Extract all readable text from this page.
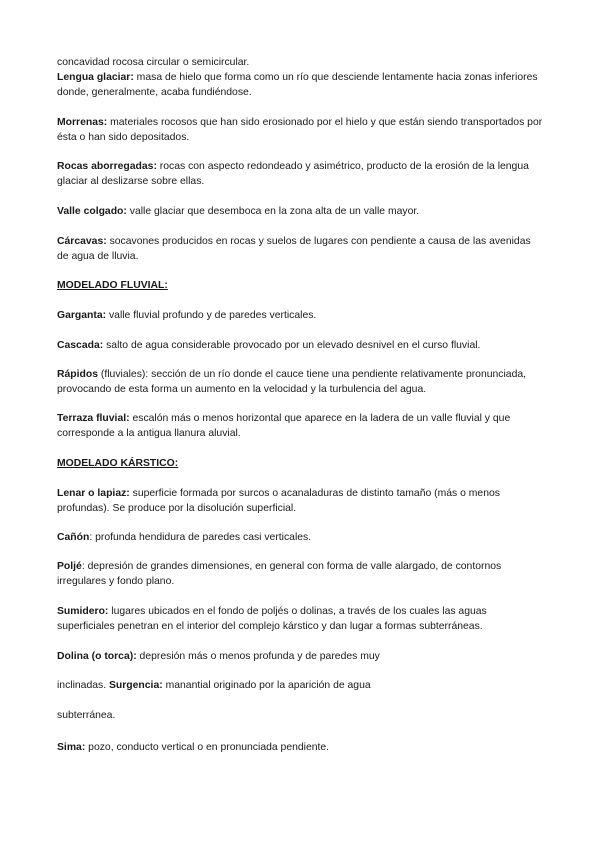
concavidad rocosa circular o semicircular.

Lengua glaciar: masa de hielo que forma como un río que desciende lentamente hacia zonas inferiores donde, generalmente, acaba fundiéndose.

Morrenas: materiales rocosos que han sido erosionado por el hielo y que están siendo transportados por ésta o han sido depositados.

Rocas aborregadas: rocas con aspecto redondeado y asimétrico, producto de la erosión de la lengua glaciar al deslizarse sobre ellas.

Valle colgado: valle glaciar que desemboca en la zona alta de un valle mayor.

Cárcavas: socavones producidos en rocas y suelos de lugares con pendiente a causa de las avenidas de agua de lluvia.

MODELADO FLUVIAL:

Garganta: valle fluvial profundo y de paredes verticales.

Cascada: salto de agua considerable provocado por un elevado desnivel en el curso fluvial.

Rápidos (fluviales): sección de un río donde el cauce tiene una pendiente relativamente pronunciada, provocando de esta forma un aumento en la velocidad y la turbulencia del agua.

Terraza fluvial: escalón más o menos horizontal que aparece en la ladera de un valle fluvial y que corresponde a la antigua llanura aluvial.

MODELADO KÁRSTICO:

Lenar o lapiaz: superficie formada por surcos o acanaladuras de distinto tamaño (más o menos profundas). Se produce por la disolución superficial.

Cañón: profunda hendidura de paredes casi verticales.

Poljé: depresión de grandes dimensiones, en general con forma de valle alargado, de contornos irregulares y fondo plano.

Sumidero: lugares ubicados en el fondo de poljés o dolinas, a través de los cuales las aguas superficiales penetran en el interior del complejo kárstico y dan lugar a formas subterráneas.

Dolina (o torca): depresión más o menos profunda y de paredes muy

inclinadas. Surgencia: manantial originado por la aparición de agua

subterránea.

Sima: pozo, conducto vertical o en pronunciada pendiente.
